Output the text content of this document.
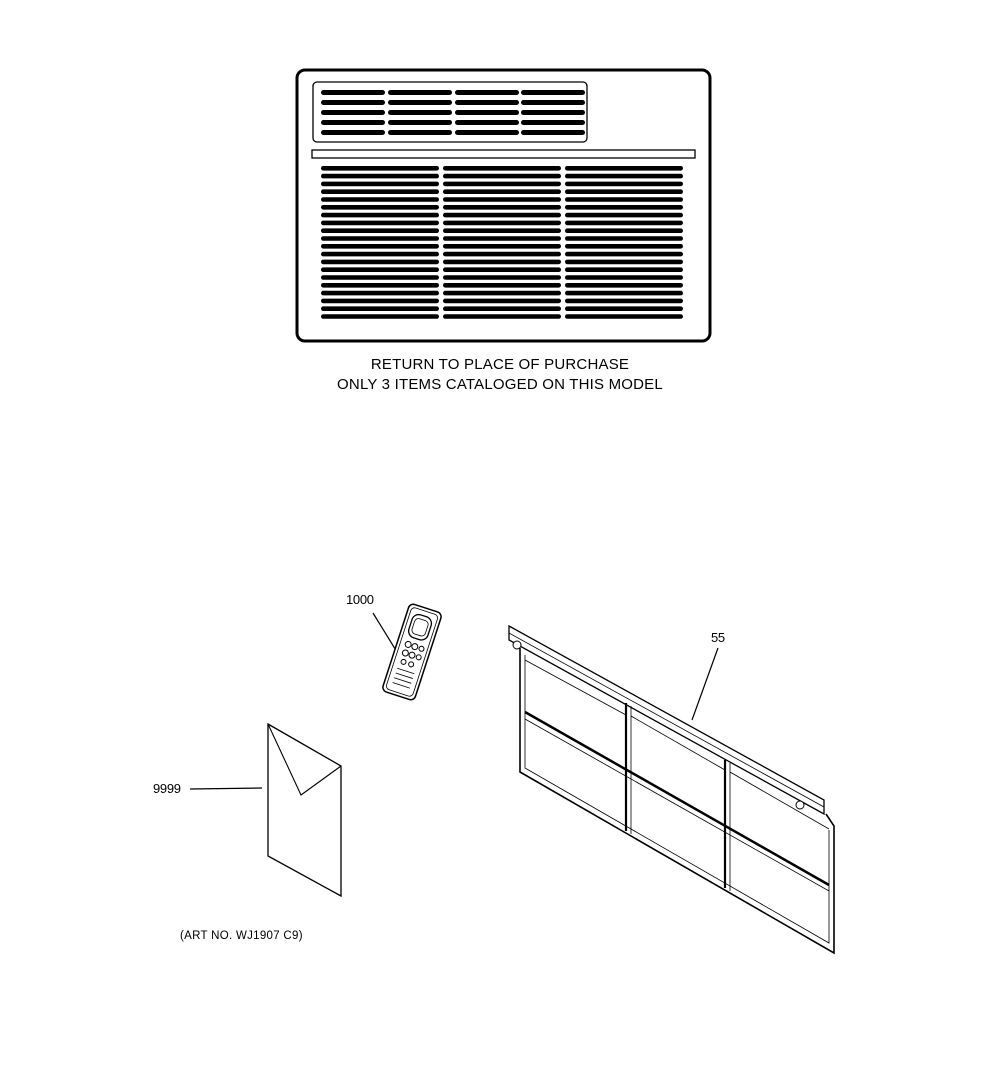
RETURN TO PLACE OF PURCHASE
ONLY 3 ITEMS CATALOGED ON THIS MODEL
1000
55
9999
(ART NO. WJ1907 C9)
